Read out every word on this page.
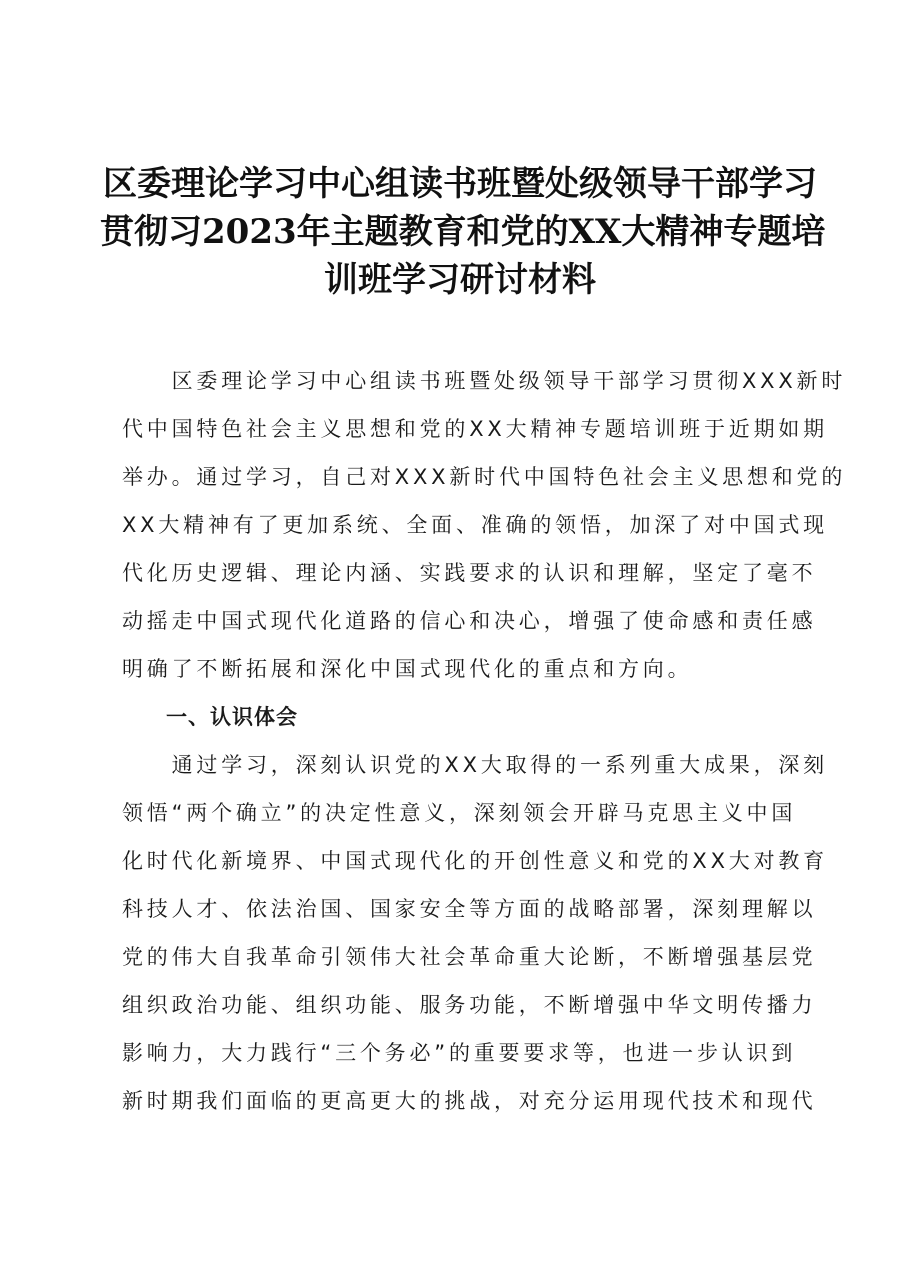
区委理论学习中心组读书班暨处级领导干部学习
贯彻习2023年主题教育和党的XX大精神专题培
训班学习研讨材料
　　区委理论学习中心组读书班暨处级领导干部学习贯彻XXX新时
代中国特色社会主义思想和党的XX大精神专题培训班于近期如期
举办。通过学习，自己对XXX新时代中国特色社会主义思想和党的
XX大精神有了更加系统、全面、准确的领悟，加深了对中国式现
代化历史逻辑、理论内涵、实践要求的认识和理解，坚定了毫不
动摇走中国式现代化道路的信心和决心，增强了使命感和责任感
明确了不断拓展和深化中国式现代化的重点和方向。
　　一、认识体会
　　通过学习，深刻认识党的XX大取得的一系列重大成果，深刻
领悟“两个确立”的决定性意义，深刻领会开辟马克思主义中国
化时代化新境界、中国式现代化的开创性意义和党的XX大对教育
科技人才、依法治国、国家安全等方面的战略部署，深刻理解以
党的伟大自我革命引领伟大社会革命重大论断，不断增强基层党
组织政治功能、组织功能、服务功能，不断增强中华文明传播力
影响力，大力践行“三个务必”的重要要求等，也进一步认识到
新时期我们面临的更高更大的挑战，对充分运用现代技术和现代
